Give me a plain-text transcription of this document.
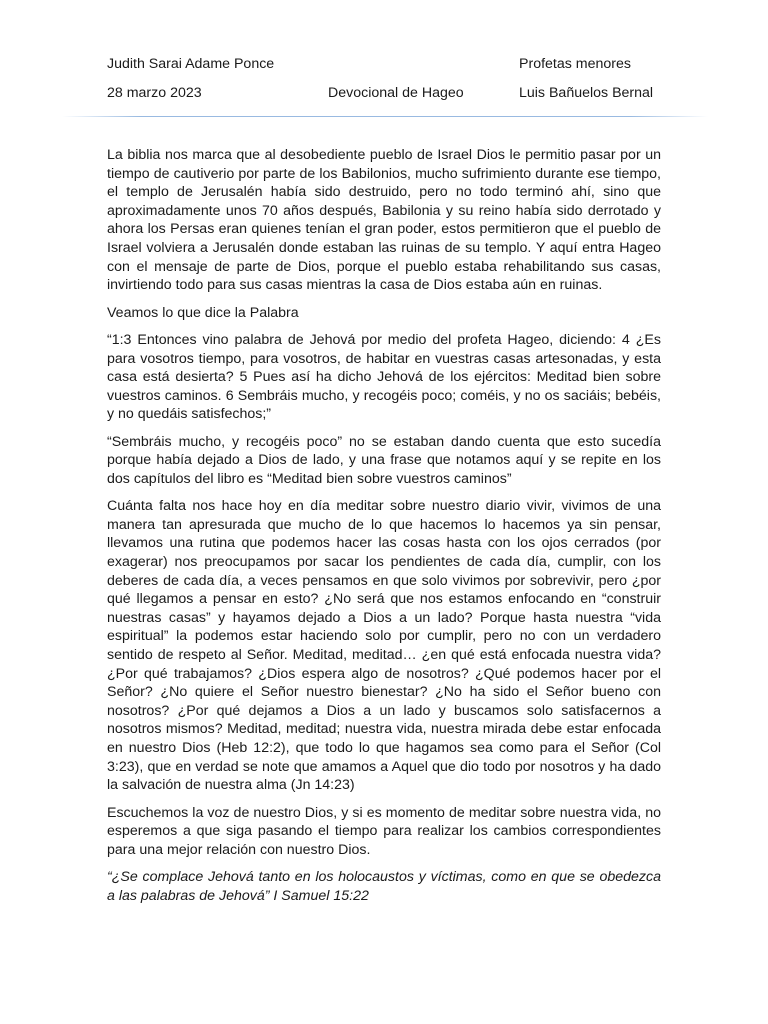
Judith Sarai Adame Ponce	Profetas menores
28 marzo 2023	Devocional de Hageo	Luis Bañuelos Bernal

La biblia nos marca que al desobediente pueblo de Israel Dios le permitio pasar por un tiempo de cautiverio por parte de los Babilonios, mucho sufrimiento durante ese tiempo, el templo de Jerusalén había sido destruido, pero no todo terminó ahí, sino que aproximadamente unos 70 años después, Babilonia y su reino había sido derrotado y ahora los Persas eran quienes tenían el gran poder, estos permitieron que el pueblo de Israel volviera a Jerusalén donde estaban las ruinas de su templo. Y aquí entra Hageo con el mensaje de parte de Dios, porque el pueblo estaba rehabilitando sus casas, invirtiendo todo para sus casas mientras la casa de Dios estaba aún en ruinas.

Veamos lo que dice la Palabra

“1:3 Entonces vino palabra de Jehová por medio del profeta Hageo, diciendo: 4 ¿Es para vosotros tiempo, para vosotros, de habitar en vuestras casas artesonadas, y esta casa está desierta? 5 Pues así ha dicho Jehová de los ejércitos: Meditad bien sobre vuestros caminos. 6 Sembráis mucho, y recogéis poco; coméis, y no os saciáis; bebéis, y no quedáis satisfechos;”

“Sembráis mucho, y recogéis poco” no se estaban dando cuenta que esto sucedía porque había dejado a Dios de lado, y una frase que notamos aquí y se repite en los dos capítulos del libro es “Meditad bien sobre vuestros caminos”

Cuánta falta nos hace hoy en día meditar sobre nuestro diario vivir, vivimos de una manera tan apresurada que mucho de lo que hacemos lo hacemos ya sin pensar, llevamos una rutina que podemos hacer las cosas hasta con los ojos cerrados (por exagerar) nos preocupamos por sacar los pendientes de cada día, cumplir, con los deberes de cada día, a veces pensamos en que solo vivimos por sobrevivir, pero ¿por qué llegamos a pensar en esto? ¿No será que nos estamos enfocando en “construir nuestras casas” y hayamos dejado a Dios a un lado? Porque hasta nuestra “vida espiritual” la podemos estar haciendo solo por cumplir, pero no con un verdadero sentido de respeto al Señor. Meditad, meditad… ¿en qué está enfocada nuestra vida? ¿Por qué trabajamos? ¿Dios espera algo de nosotros? ¿Qué podemos hacer por el Señor? ¿No quiere el Señor nuestro bienestar? ¿No ha sido el Señor bueno con nosotros? ¿Por qué dejamos a Dios a un lado y buscamos solo satisfacernos a nosotros mismos? Meditad, meditad; nuestra vida, nuestra mirada debe estar enfocada en nuestro Dios (Heb 12:2), que todo lo que hagamos sea como para el Señor (Col 3:23), que en verdad se note que amamos a Aquel que dio todo por nosotros y ha dado la salvación de nuestra alma (Jn 14:23)

Escuchemos la voz de nuestro Dios, y si es momento de meditar sobre nuestra vida, no esperemos a que siga pasando el tiempo para realizar los cambios correspondientes para una mejor relación con nuestro Dios.

“¿Se complace Jehová tanto en los holocaustos y víctimas, como en que se obedezca a las palabras de Jehová” I Samuel 15:22
